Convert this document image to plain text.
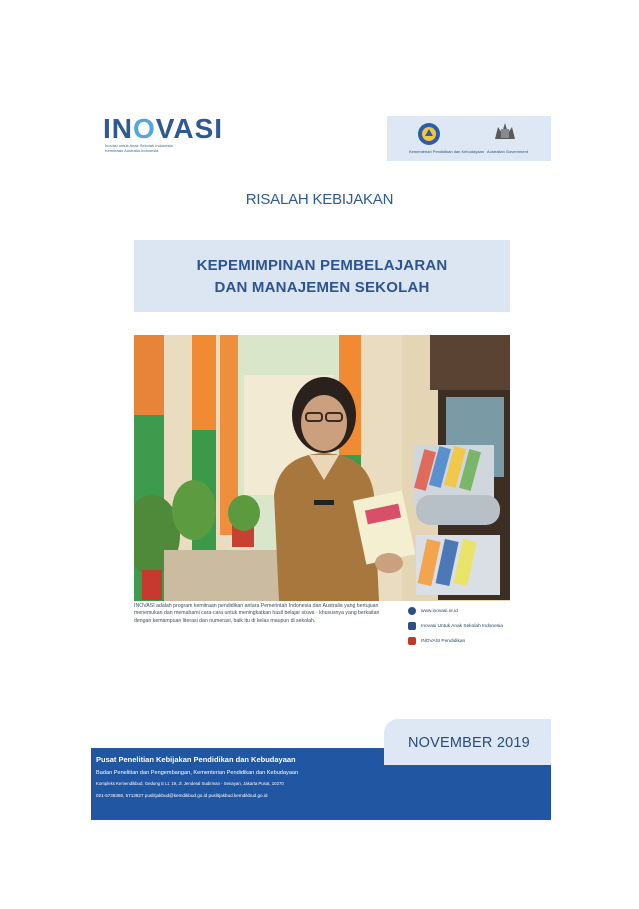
INOVASI
Inovasi untuk Anak Sekolah Indonesia
Kemitraan Australia-Indonesia	Kementerian Pendidikan dan Kebudayaan Australian Government
RISALAH KEBIJAKAN
KEPEMIMPINAN PEMBELAJARAN
DAN MANAJEMEN SEKOLAH
INOVASI adalah program kemitraan pendidikan antara Pemerintah Indonesia dan Australia yang bertujuan menemukan dan memahami cara-cara untuk meningkatkan hasil belajar siswa - khususnya yang berkaitan dengan kemampuan literasi dan numerasi, baik itu di kelas maupun di sekolah.
www.inovasi.or.id
Inovasi Untuk Anak Sekolah Indonesia
INOVASI Pendidikan
Pusat Penelitian Kebijakan Pendidikan dan Kebudayaan
Badan Penelitian dan Pengembangan, Kementerian Pendidikan dan Kebudayaan
Kompleks Kemendikbud, Gedung E Lt. 19, Jl. Jenderal Sudirman - Senayan, Jakarta Pusat, 10270
021-5736365, 5713827 puslitjakbud@kemdikbud.go.id puslitjakbud.kemdikbud.go.id
NOVEMBER 2019
